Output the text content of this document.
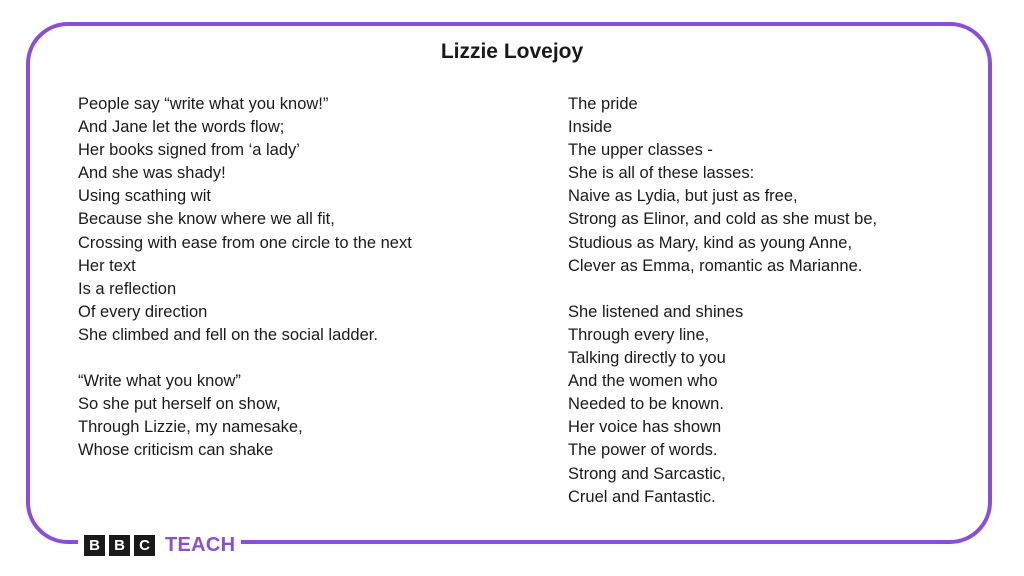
Lizzie Lovejoy
People say “write what you know!”
And Jane let the words flow;
Her books signed from ‘a lady’
And she was shady!
Using scathing wit
Because she know where we all fit,
Crossing with ease from one circle to the next
Her text
Is a reflection
Of every direction
She climbed and fell on the social ladder.
“Write what you know”
So she put herself on show,
Through Lizzie, my namesake,
Whose criticism can shake
The pride
Inside
The upper classes -
She is all of these lasses:
Naive as Lydia, but just as free,
Strong as Elinor, and cold as she must be,
Studious as Mary, kind as young Anne,
Clever as Emma, romantic as Marianne.
She listened and shines
Through every line,
Talking directly to you
And the women who
Needed to be known.
Her voice has shown
The power of words.
Strong and Sarcastic,
Cruel and Fantastic.
B B C TEACH
